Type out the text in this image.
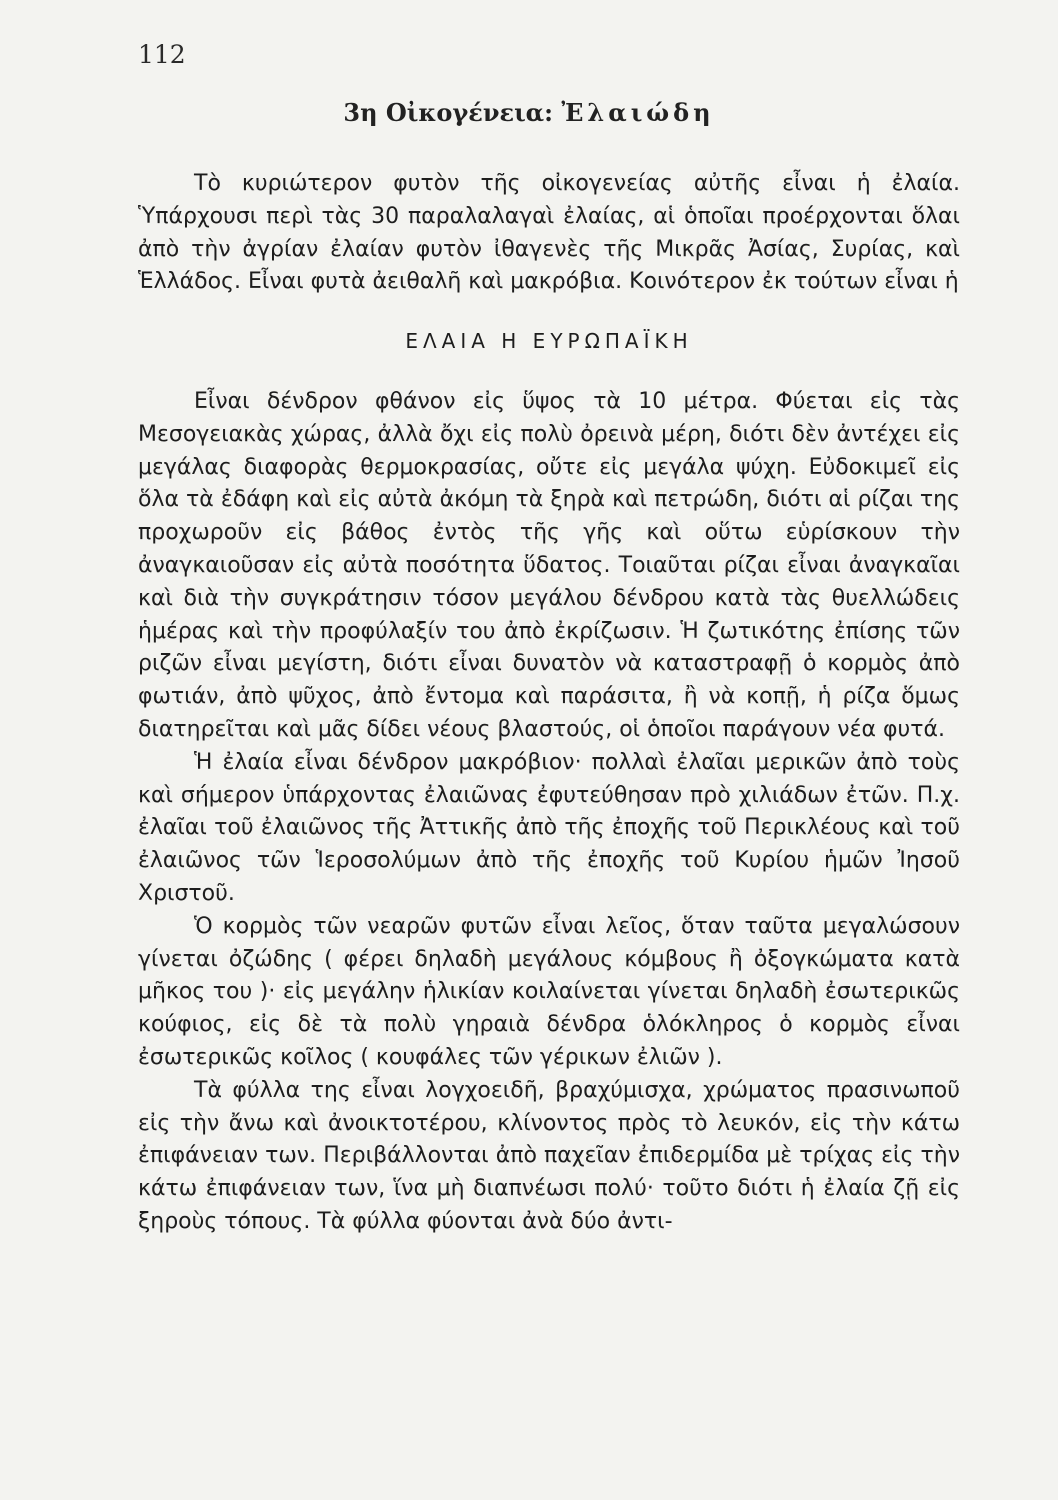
112
3η Οἰκογένεια: Ἐλαιώδη

Τὸ κυριώτερον φυτὸν τῆς οἰκογενείας αὐτῆς εἶναι ἡ ἐλαία. Ὑπάρχουσι περὶ τὰς 30 παραλαλαγαὶ ἐλαίας, αἱ ὁποῖαι προέρχονται ὅλαι ἀπὸ τὴν ἀγρίαν ἐλαίαν φυτὸν ἰθαγενὲς τῆς Μικρᾶς Ἀσίας, Συρίας, καὶ Ἑλλάδος. Εἶναι φυτὰ ἀειθαλῆ καὶ μακρόβια. Κοινότερον ἐκ τούτων εἶναι ἡ

ΕΛΑΙΑ Η ΕΥΡΩΠΑΪΚΗ

Εἶναι δένδρον φθάνον εἰς ὕψος τὰ 10 μέτρα. Φύεται εἰς τὰς Μεσογειακὰς χώρας, ἀλλὰ ὄχι εἰς πολὺ ὀρεινὰ μέρη, διότι δὲν ἀντέχει εἰς μεγάλας διαφορὰς θερμοκρασίας, οὔτε εἰς μεγάλα ψύχη. Εὐδοκιμεῖ εἰς ὅλα τὰ ἐδάφη καὶ εἰς αὐτὰ ἀκόμη τὰ ξηρὰ καὶ πετρώδη, διότι αἱ ρίζαι της προχωροῦν εἰς βάθος ἐντὸς τῆς γῆς καὶ οὕτω εὑρίσκουν τὴν ἀναγκαιοῦσαν εἰς αὐτὰ ποσότητα ὕδατος. Τοιαῦται ρίζαι εἶναι ἀναγκαῖαι καὶ διὰ τὴν συγκράτησιν τόσον μεγάλου δένδρου κατὰ τὰς θυελλώδεις ἡμέρας καὶ τὴν προφύλαξίν του ἀπὸ ἐκρίζωσιν. Ἡ ζωτικότης ἐπίσης τῶν ριζῶν εἶναι μεγίστη, διότι εἶναι δυνατὸν νὰ καταστραφῇ ὁ κορμὸς ἀπὸ φωτιάν, ἀπὸ ψῦχος, ἀπὸ ἔντομα καὶ παράσιτα, ἢ νὰ κοπῇ, ἡ ρίζα ὅμως διατηρεῖται καὶ μᾶς δίδει νέους βλαστούς, οἱ ὁποῖοι παράγουν νέα φυτά.

Ἡ ἐλαία εἶναι δένδρον μακρόβιον· πολλαὶ ἐλαῖαι μερικῶν ἀπὸ τοὺς καὶ σήμερον ὑπάρχοντας ἐλαιῶνας ἐφυτεύθησαν πρὸ χιλιάδων ἐτῶν. Π.χ. ἐλαῖαι τοῦ ἐλαιῶνος τῆς Ἀττικῆς ἀπὸ τῆς ἐποχῆς τοῦ Περικλέους καὶ τοῦ ἐλαιῶνος τῶν Ἱεροσολύμων ἀπὸ τῆς ἐποχῆς τοῦ Κυρίου ἡμῶν Ἰησοῦ Χριστοῦ.

Ὁ κορμὸς τῶν νεαρῶν φυτῶν εἶναι λεῖος, ὅταν ταῦτα μεγαλώσουν γίνεται ὀζώδης ( φέρει δηλαδὴ μεγάλους κόμβους ἢ ὀξογκώματα κατὰ μῆκος του )· εἰς μεγάλην ἡλικίαν κοιλαίνεται γίνεται δηλαδὴ ἐσωτερικῶς κούφιος, εἰς δὲ τὰ πολὺ γηραιὰ δένδρα ὁλόκληρος ὁ κορμὸς εἶναι ἐσωτερικῶς κοῖλος ( κουφάλες τῶν γέρικων ἐλιῶν ).

Τὰ φύλλα της εἶναι λογχοειδῆ, βραχύμισχα, χρώματος πρασινωποῦ εἰς τὴν ἄνω καὶ ἀνοικτοτέρου, κλίνοντος πρὸς τὸ λευκόν, εἰς τὴν κάτω ἐπιφάνειαν των. Περιβάλλονται ἀπὸ παχεῖαν ἐπιδερμίδα μὲ τρίχας εἰς τὴν κάτω ἐπιφάνειαν των, ἵνα μὴ διαπνέωσι πολύ· τοῦτο διότι ἡ ἐλαία ζῇ εἰς ξηροὺς τόπους. Τὰ φύλλα φύονται ἀνὰ δύο ἀντι-
